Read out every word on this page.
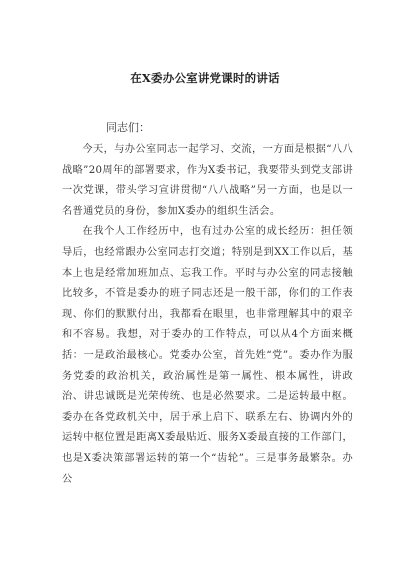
在X委办公室讲党课时的讲话
同志们：

今天，与办公室同志一起学习、交流，一方面是根据“八八战略”20周年的部署要求，作为X委书记，我要带头到党支部讲一次党课，带头学习宣讲贯彻“八八战略”另一方面，也是以一名普通党员的身份，参加X委办的组织生活会。

在我个人工作经历中，也有过办公室的成长经历：担任领导后，也经常跟办公室同志打交道；特别是到XX工作以后，基本上也是经常加班加点、忘我工作。平时与办公室的同志接触比较多，不管是委办的班子同志还是一般干部，你们的工作表现、你们的默默付出，我都看在眼里，也非常理解其中的艰辛和不容易。我想，对于委办的工作特点，可以从4个方面来概括：一是政治最核心。党委办公室，首先姓“党”。委办作为服务党委的政治机关，政治属性是第一属性、根本属性，讲政治、讲忠诚既是光荣传统、也是必然要求。二是运转最中枢。委办在各党政机关中，居于承上启下、联系左右、协调内外的运转中枢位置是距离X委最贴近、服务X委最直接的工作部门，也是X委决策部署运转的第一个“齿轮”。三是事务最繁杂。办公
